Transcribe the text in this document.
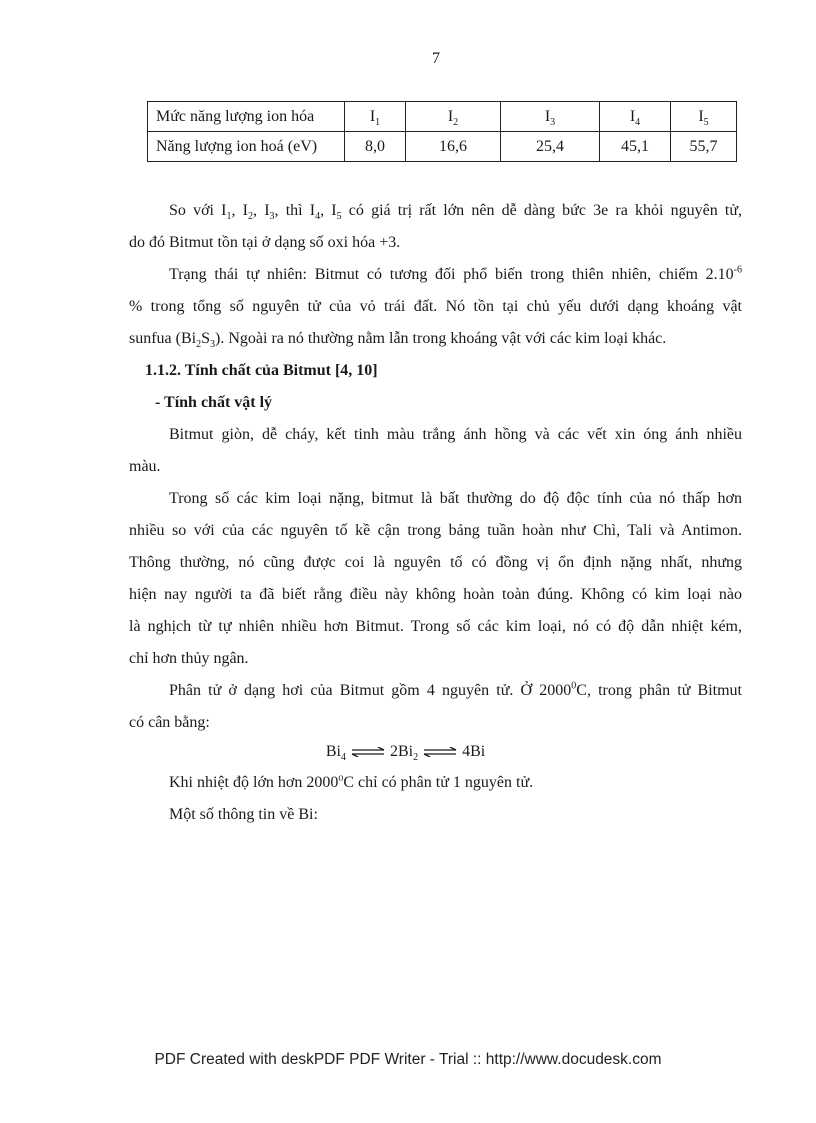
7
Mức năng lượng ion hóa	$I_1$	$I_2$	$I_3$	$I_4$	$I_5$
Năng lượng ion hoá (eV)	8,0	16,6	25,4	45,1	55,7
So với $I_1$, $I_2$, $I_3$, thì $I_4$, $I_5$ có giá trị rất lớn nên dễ dàng bức 3e ra khỏi nguyên tử,
do đó Bitmut tồn tại ở dạng số oxi hóa +3.
Trạng thái tự nhiên: Bitmut có tương đối phổ biến trong thiên nhiên, chiếm $2.10^{-6}$
% trong tổng số nguyên tử của vỏ trái đất. Nó tồn tại chủ yếu dưới dạng khoáng vật
sunfua $(Bi_2S_3)$. Ngoài ra nó thường nằm lẫn trong khoáng vật với các kim loại khác.
1.1.2. Tính chất của Bitmut [4, 10]
- Tính chất vật lý
Bitmut giòn, dễ cháy, kết tinh màu trắng ánh hồng và các vết xin óng ánh nhiều
màu.
Trong số các kim loại nặng, bitmut là bất thường do độ độc tính của nó thấp hơn
nhiều so với của các nguyên tố kề cận trong bảng tuần hoàn như Chì, Tali và Antimon.
Thông thường, nó cũng được coi là nguyên tố có đồng vị ổn định nặng nhất, nhưng
hiện nay người ta đã biết rằng điều này không hoàn toàn đúng. Không có kim loại nào
là nghịch từ tự nhiên nhiều hơn Bitmut. Trong số các kim loại, nó có độ dẫn nhiệt kém,
chỉ hơn thủy ngân.
Phân tử ở dạng hơi của Bitmut gồm 4 nguyên tử. Ở 2000$^0$C, trong phân tử Bitmut
có cân bằng:
$Bi_4$ ⇌ $2Bi_2$ ⇌ 4Bi
Khi nhiệt độ lớn hơn 2000$^o$C chỉ có phân tử 1 nguyên tử.
Một số thông tin về Bi:
PDF Created with deskPDF PDF Writer - Trial :: http://www.docudesk.com
